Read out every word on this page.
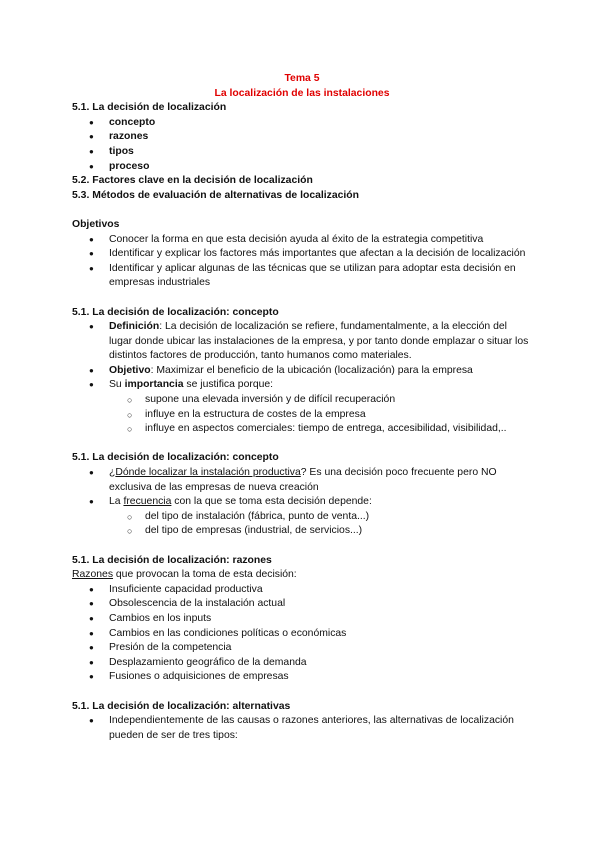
Tema 5
La localización de las instalaciones
5.1. La decisión de localización
● concepto
● razones
● tipos
● proceso
5.2. Factores clave en la decisión de localización
5.3. Métodos de evaluación de alternativas de localización
Objetivos
● Conocer la forma en que esta decisión ayuda al éxito de la estrategia competitiva
● Identificar y explicar los factores más importantes que afectan a la decisión de localización
● Identificar y aplicar algunas de las técnicas que se utilizan para adoptar esta decisión en empresas industriales
5.1. La decisión de localización: concepto
● Definición: La decisión de localización se refiere, fundamentalmente, a la elección del lugar donde ubicar las instalaciones de la empresa, y por tanto donde emplazar o situar los distintos factores de producción, tanto humanos como materiales.
● Objetivo: Maximizar el beneficio de la ubicación (localización) para la empresa
● Su importancia se justifica porque:
○ supone una elevada inversión y de difícil recuperación
○ influye en la estructura de costes de la empresa
○ influye en aspectos comerciales: tiempo de entrega, accesibilidad, visibilidad,..
5.1. La decisión de localización: concepto
● ¿Dónde localizar la instalación productiva? Es una decisión poco frecuente pero NO exclusiva de las empresas de nueva creación
● La frecuencia con la que se toma esta decisión depende:
○ del tipo de instalación (fábrica, punto de venta...)
○ del tipo de empresas (industrial, de servicios...)
5.1. La decisión de localización: razones
Razones que provocan la toma de esta decisión:
● Insuficiente capacidad productiva
● Obsolescencia de la instalación actual
● Cambios en los inputs
● Cambios en las condiciones políticas o económicas
● Presión de la competencia
● Desplazamiento geográfico de la demanda
● Fusiones o adquisiciones de empresas
5.1. La decisión de localización: alternativas
● Independientemente de las causas o razones anteriores, las alternativas de localización pueden de ser de tres tipos:
